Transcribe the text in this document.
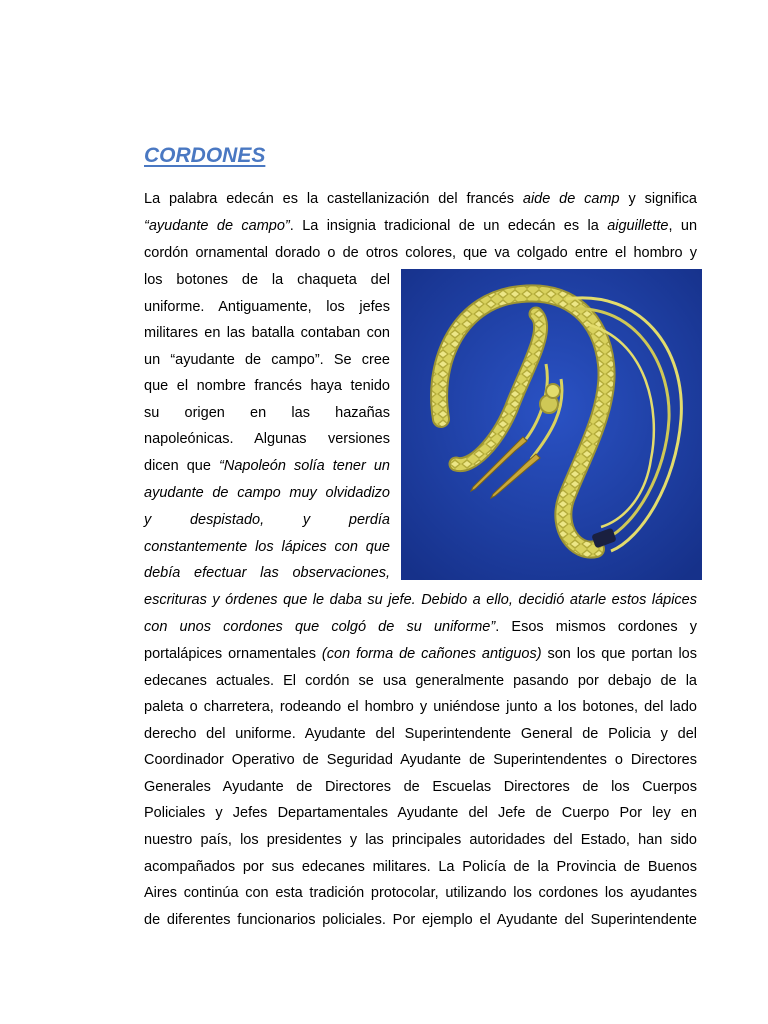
CORDONES
La palabra edecán es la castellanización del francés aide de camp y significa
“ayudante de campo”. La insignia tradicional de un edecán es la aiguillette, un
cordón ornamental dorado o de otros colores, que va colgado entre el hombro y
los botones de la chaqueta del
uniforme. Antiguamente, los jefes
militares en las batalla contaban con
un “ayudante de campo”. Se cree
que el nombre francés haya tenido
su origen en las hazañas
napoleónicas. Algunas versiones
dicen que “Napoleón solía tener un
ayudante de campo muy olvidadizo
y despistado, y perdía
constantemente los lápices con que
debía efectuar las observaciones,
escrituras y órdenes que le daba su jefe. Debido a ello, decidió atarle estos lápices
con unos cordones que colgó de su uniforme”. Esos mismos cordones y
portalápices ornamentales (con forma de cañones antiguos) son los que portan los
edecanes actuales. El cordón se usa generalmente pasando por debajo de la
paleta o charretera, rodeando el hombro y uniéndose junto a los botones, del lado
derecho del uniforme. Ayudante del Superintendente General de Policia y del
Coordinador Operativo de Seguridad Ayudante de Superintendentes o Directores
Generales Ayudante de Directores de Escuelas Directores de los Cuerpos
Policiales y Jefes Departamentales Ayudante del Jefe de Cuerpo Por ley en
nuestro país, los presidentes y las principales autoridades del Estado, han sido
acompañados por sus edecanes militares. La Policía de la Provincia de Buenos
Aires continúa con esta tradición protocolar, utilizando los cordones los ayudantes
de diferentes funcionarios policiales. Por ejemplo el Ayudante del Superintendente
